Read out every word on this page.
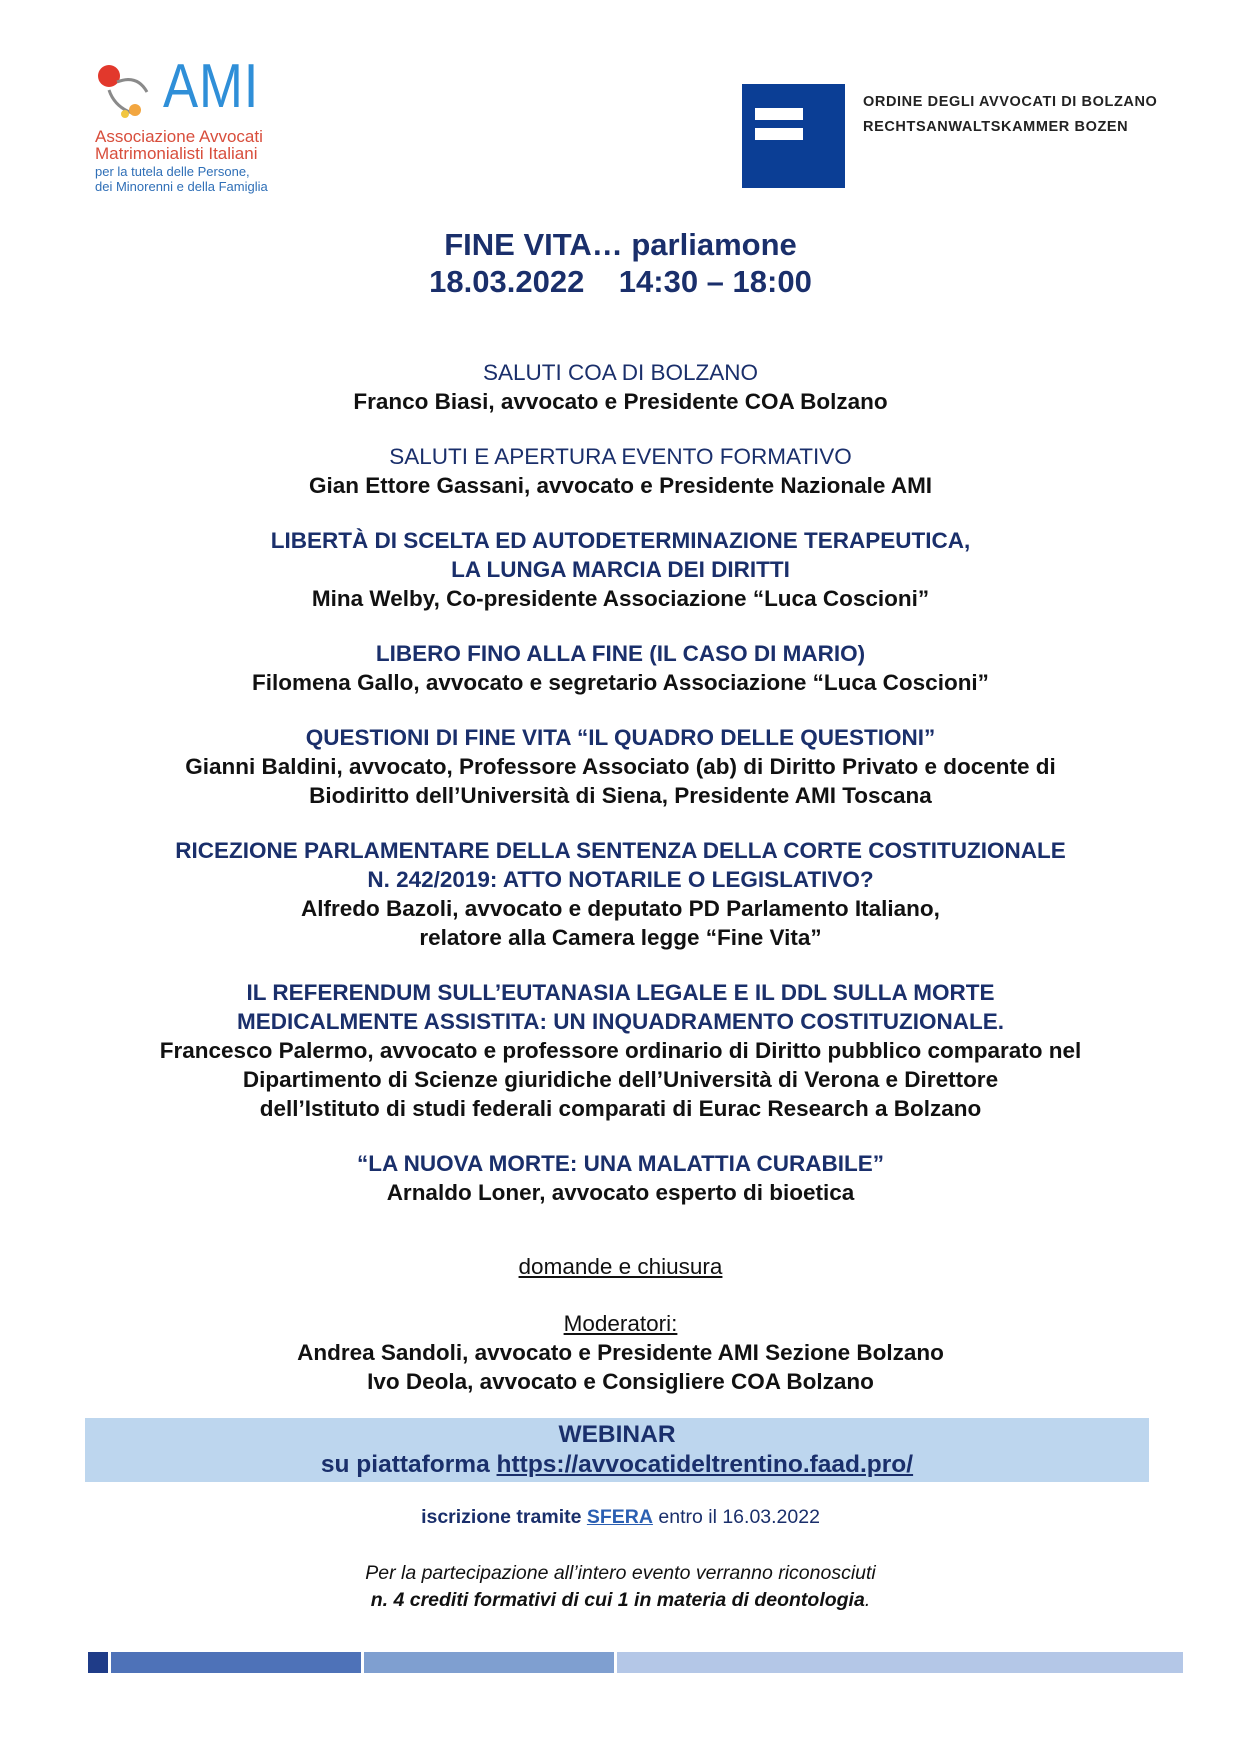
AMI
Associazione Avvocati
Matrimonialisti Italiani
per la tutela delle Persone,
dei Minorenni e della Famiglia
ORDINE DEGLI AVVOCATI DI BOLZANO
RECHTSANWALTSKAMMER BOZEN
FINE VITA… parliamone
18.03.2022    14:30 – 18:00
SALUTI COA DI BOLZANO
Franco Biasi, avvocato e Presidente COA Bolzano
SALUTI E APERTURA EVENTO FORMATIVO
Gian Ettore Gassani, avvocato e Presidente Nazionale AMI
LIBERTÀ DI SCELTA ED AUTODETERMINAZIONE TERAPEUTICA,
LA LUNGA MARCIA DEI DIRITTI
Mina Welby, Co-presidente Associazione “Luca Coscioni”
LIBERO FINO ALLA FINE (IL CASO DI MARIO)
Filomena Gallo, avvocato e segretario Associazione “Luca Coscioni”
QUESTIONI DI FINE VITA “IL QUADRO DELLE QUESTIONI”
Gianni Baldini, avvocato, Professore Associato (ab) di Diritto Privato e docente di
Biodiritto dell’Università di Siena, Presidente AMI Toscana
RICEZIONE PARLAMENTARE DELLA SENTENZA DELLA CORTE COSTITUZIONALE
N. 242/2019: ATTO NOTARILE O LEGISLATIVO?
Alfredo Bazoli, avvocato e deputato PD Parlamento Italiano,
relatore alla Camera legge “Fine Vita”
IL REFERENDUM SULL’EUTANASIA LEGALE E IL DDL SULLA MORTE
MEDICALMENTE ASSISTITA: UN INQUADRAMENTO COSTITUZIONALE.
Francesco Palermo, avvocato e professore ordinario di Diritto pubblico comparato nel
Dipartimento di Scienze giuridiche dell’Università di Verona e Direttore
dell’Istituto di studi federali comparati di Eurac Research a Bolzano
“LA NUOVA MORTE: UNA MALATTIA CURABILE”
Arnaldo Loner, avvocato esperto di bioetica
domande e chiusura
Moderatori:
Andrea Sandoli, avvocato e Presidente AMI Sezione Bolzano
Ivo Deola, avvocato e Consigliere COA Bolzano
WEBINAR
su piattaforma https://avvocatideltrentino.faad.pro/
iscrizione tramite SFERA entro il 16.03.2022
Per la partecipazione all’intero evento verranno riconosciuti
n. 4 crediti formativi di cui 1 in materia di deontologia.
